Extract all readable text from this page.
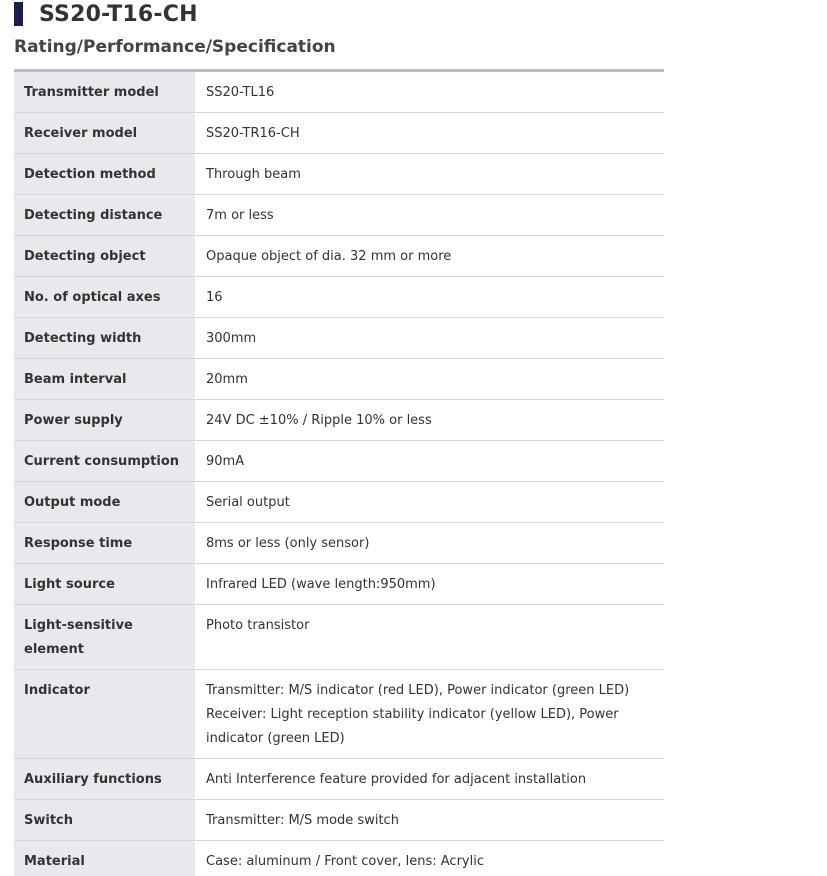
SS20-T16-CH
Rating/Performance/Specification
Transmitter model	SS20-TL16
Receiver model	SS20-TR16-CH
Detection method	Through beam
Detecting distance	7m or less
Detecting object	Opaque object of dia. 32 mm or more
No. of optical axes	16
Detecting width	300mm
Beam interval	20mm
Power supply	24V DC ±10% / Ripple 10% or less
Current consumption	90mA
Output mode	Serial output
Response time	8ms or less (only sensor)
Light source	Infrared LED (wave length:950mm)
Light-sensitive element	Photo transistor
Indicator	Transmitter: M/S indicator (red LED), Power indicator (green LED)
Receiver: Light reception stability indicator (yellow LED), Power indicator (green LED)

Auxiliary functions	Anti Interference feature provided for adjacent installation
Switch	Transmitter: M/S mode switch
Material	Case: aluminum / Front cover, lens: Acrylic
